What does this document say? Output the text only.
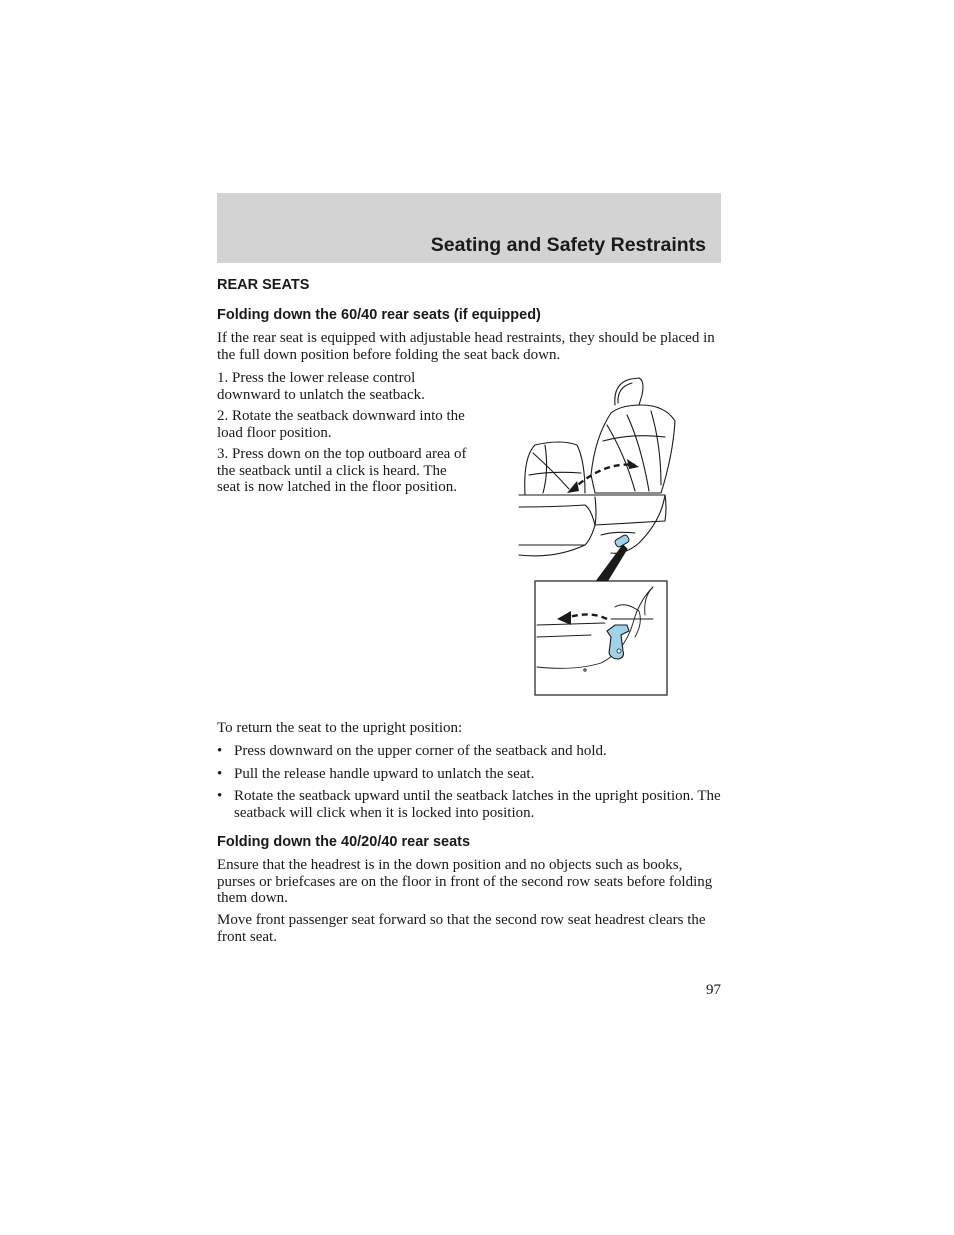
Seating and Safety Restraints
REAR SEATS
Folding down the 60/40 rear seats (if equipped)
If the rear seat is equipped with adjustable head restraints, they should be placed in the full down position before folding the seat back down.
1. Press the lower release control downward to unlatch the seatback.
2. Rotate the seatback downward into the load floor position.
3. Press down on the top outboard area of the seatback until a click is heard. The seat is now latched in the floor position.
To return the seat to the upright position:
• Press downward on the upper corner of the seatback and hold.
• Pull the release handle upward to unlatch the seat.
• Rotate the seatback upward until the seatback latches in the upright position. The seatback will click when it is locked into position.
Folding down the 40/20/40 rear seats
Ensure that the headrest is in the down position and no objects such as books, purses or briefcases are on the floor in front of the second row seats before folding them down.
Move front passenger seat forward so that the second row seat headrest clears the front seat.
97
